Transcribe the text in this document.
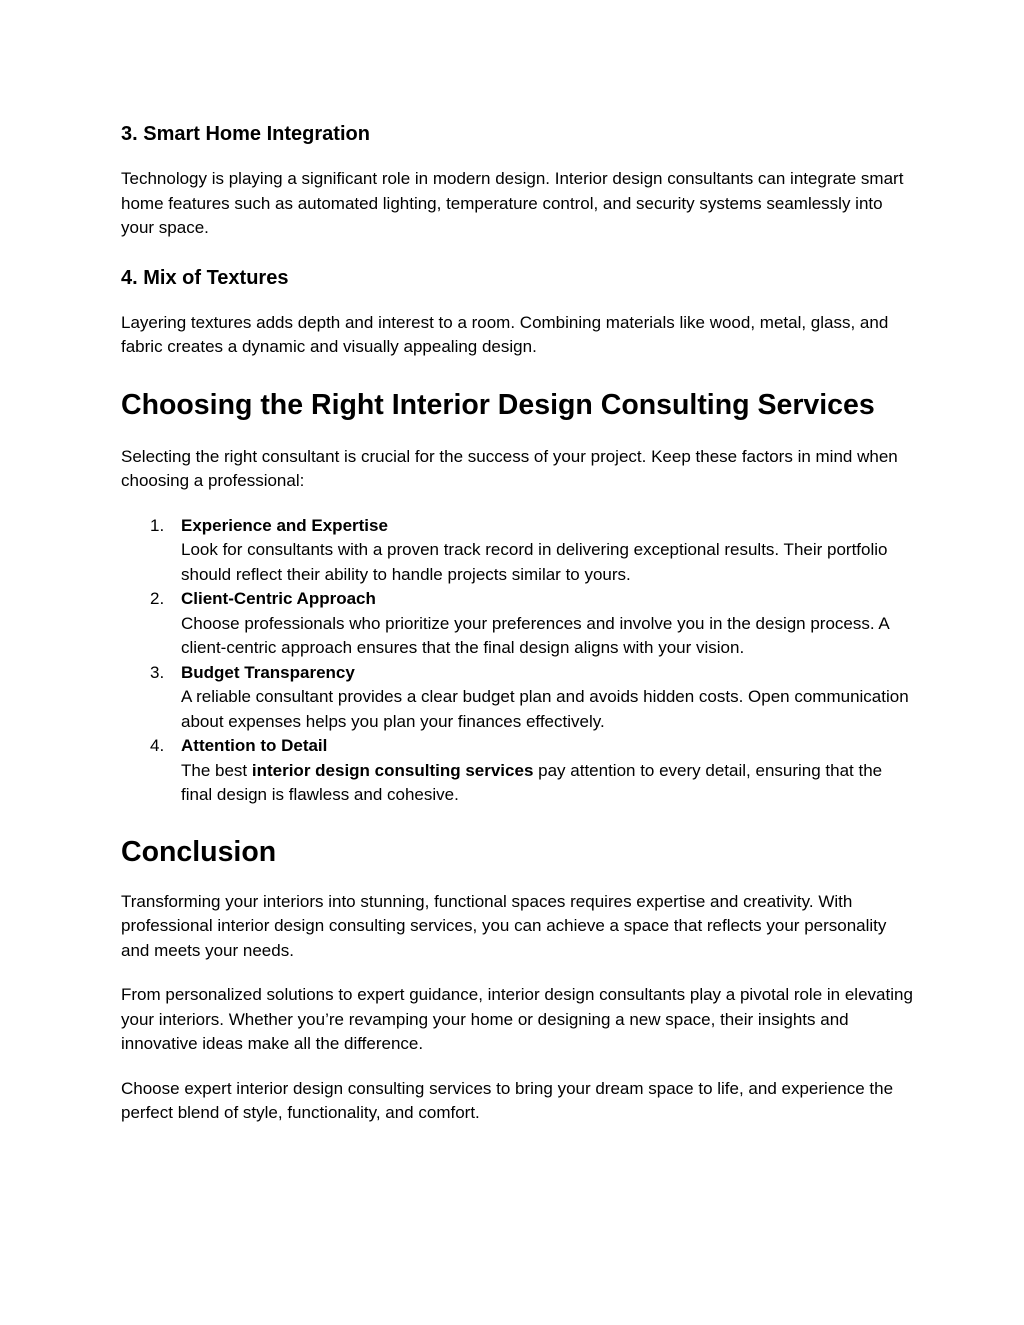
3. Smart Home Integration

Technology is playing a significant role in modern design. Interior design consultants can integrate smart home features such as automated lighting, temperature control, and security systems seamlessly into your space.

4. Mix of Textures

Layering textures adds depth and interest to a room. Combining materials like wood, metal, glass, and fabric creates a dynamic and visually appealing design.

Choosing the Right Interior Design Consulting Services

Selecting the right consultant is crucial for the success of your project. Keep these factors in mind when choosing a professional:

1. Experience and Expertise
Look for consultants with a proven track record in delivering exceptional results. Their portfolio should reflect their ability to handle projects similar to yours.
2. Client-Centric Approach
Choose professionals who prioritize your preferences and involve you in the design process. A client-centric approach ensures that the final design aligns with your vision.
3. Budget Transparency
A reliable consultant provides a clear budget plan and avoids hidden costs. Open communication about expenses helps you plan your finances effectively.
4. Attention to Detail
The best interior design consulting services pay attention to every detail, ensuring that the final design is flawless and cohesive.
Conclusion

Transforming your interiors into stunning, functional spaces requires expertise and creativity. With professional interior design consulting services, you can achieve a space that reflects your personality and meets your needs.

From personalized solutions to expert guidance, interior design consultants play a pivotal role in elevating your interiors. Whether you’re revamping your home or designing a new space, their insights and innovative ideas make all the difference.

Choose expert interior design consulting services to bring your dream space to life, and experience the perfect blend of style, functionality, and comfort.
